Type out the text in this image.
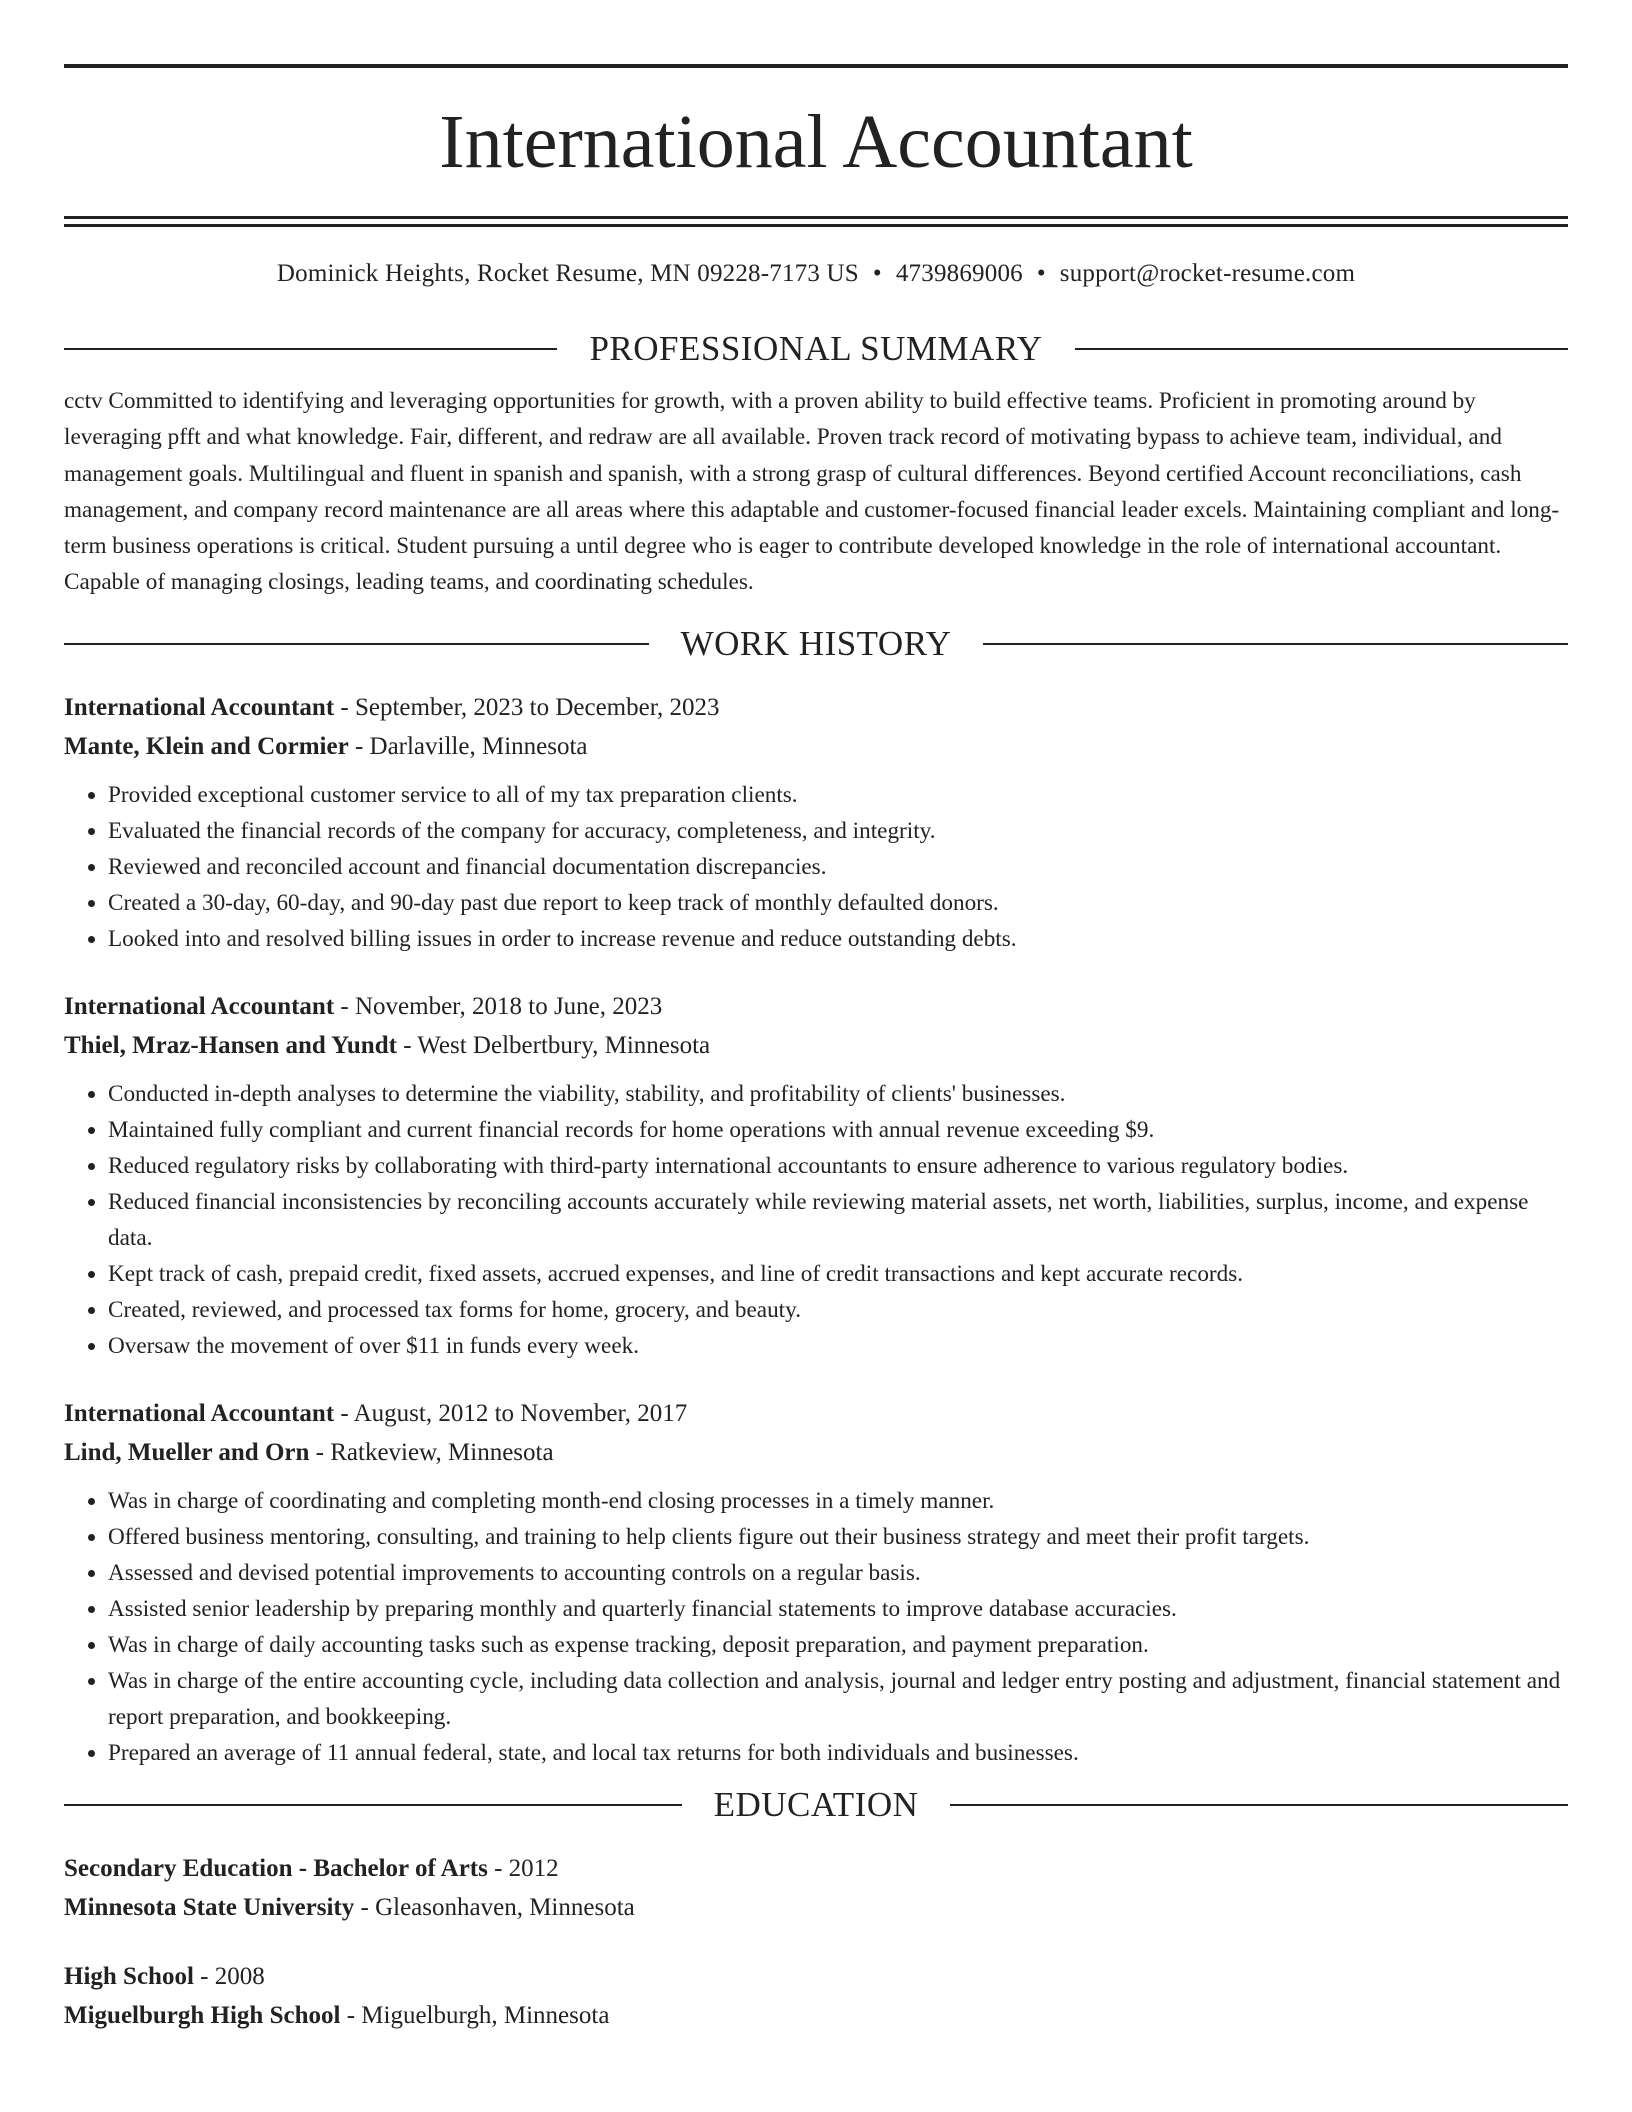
International Accountant
Dominick Heights, Rocket Resume, MN 09228-7173 US • 4739869006 • support@rocket-resume.com
PROFESSIONAL SUMMARY

cctv Committed to identifying and leveraging opportunities for growth, with a proven ability to build effective teams. Proficient in promoting around by leveraging pfft and what knowledge. Fair, different, and redraw are all available. Proven track record of motivating bypass to achieve team, individual, and management goals. Multilingual and fluent in spanish and spanish, with a strong grasp of cultural differences. Beyond certified Account reconciliations, cash management, and company record maintenance are all areas where this adaptable and customer-focused financial leader excels. Maintaining compliant and long-term business operations is critical. Student pursuing a until degree who is eager to contribute developed knowledge in the role of international accountant. Capable of managing closings, leading teams, and coordinating schedules.

WORK HISTORY
International Accountant - September, 2023 to December, 2023
Mante, Klein and Cormier - Darlaville, Minnesota
• Provided exceptional customer service to all of my tax preparation clients.
• Evaluated the financial records of the company for accuracy, completeness, and integrity.
• Reviewed and reconciled account and financial documentation discrepancies.
• Created a 30-day, 60-day, and 90-day past due report to keep track of monthly defaulted donors.
• Looked into and resolved billing issues in order to increase revenue and reduce outstanding debts.
International Accountant - November, 2018 to June, 2023
Thiel, Mraz-Hansen and Yundt - West Delbertbury, Minnesota
• Conducted in-depth analyses to determine the viability, stability, and profitability of clients' businesses.
• Maintained fully compliant and current financial records for home operations with annual revenue exceeding $9.
• Reduced regulatory risks by collaborating with third-party international accountants to ensure adherence to various regulatory bodies.
• Reduced financial inconsistencies by reconciling accounts accurately while reviewing material assets, net worth, liabilities, surplus, income, and expense data.
• Kept track of cash, prepaid credit, fixed assets, accrued expenses, and line of credit transactions and kept accurate records.
• Created, reviewed, and processed tax forms for home, grocery, and beauty.
• Oversaw the movement of over $11 in funds every week.
International Accountant - August, 2012 to November, 2017
Lind, Mueller and Orn - Ratkeview, Minnesota
• Was in charge of coordinating and completing month-end closing processes in a timely manner.
• Offered business mentoring, consulting, and training to help clients figure out their business strategy and meet their profit targets.
• Assessed and devised potential improvements to accounting controls on a regular basis.
• Assisted senior leadership by preparing monthly and quarterly financial statements to improve database accuracies.
• Was in charge of daily accounting tasks such as expense tracking, deposit preparation, and payment preparation.
• Was in charge of the entire accounting cycle, including data collection and analysis, journal and ledger entry posting and adjustment, financial statement and report preparation, and bookkeeping.
• Prepared an average of 11 annual federal, state, and local tax returns for both individuals and businesses.
EDUCATION
Secondary Education - Bachelor of Arts - 2012
Minnesota State University - Gleasonhaven, Minnesota
High School - 2008
Miguelburgh High School - Miguelburgh, Minnesota
